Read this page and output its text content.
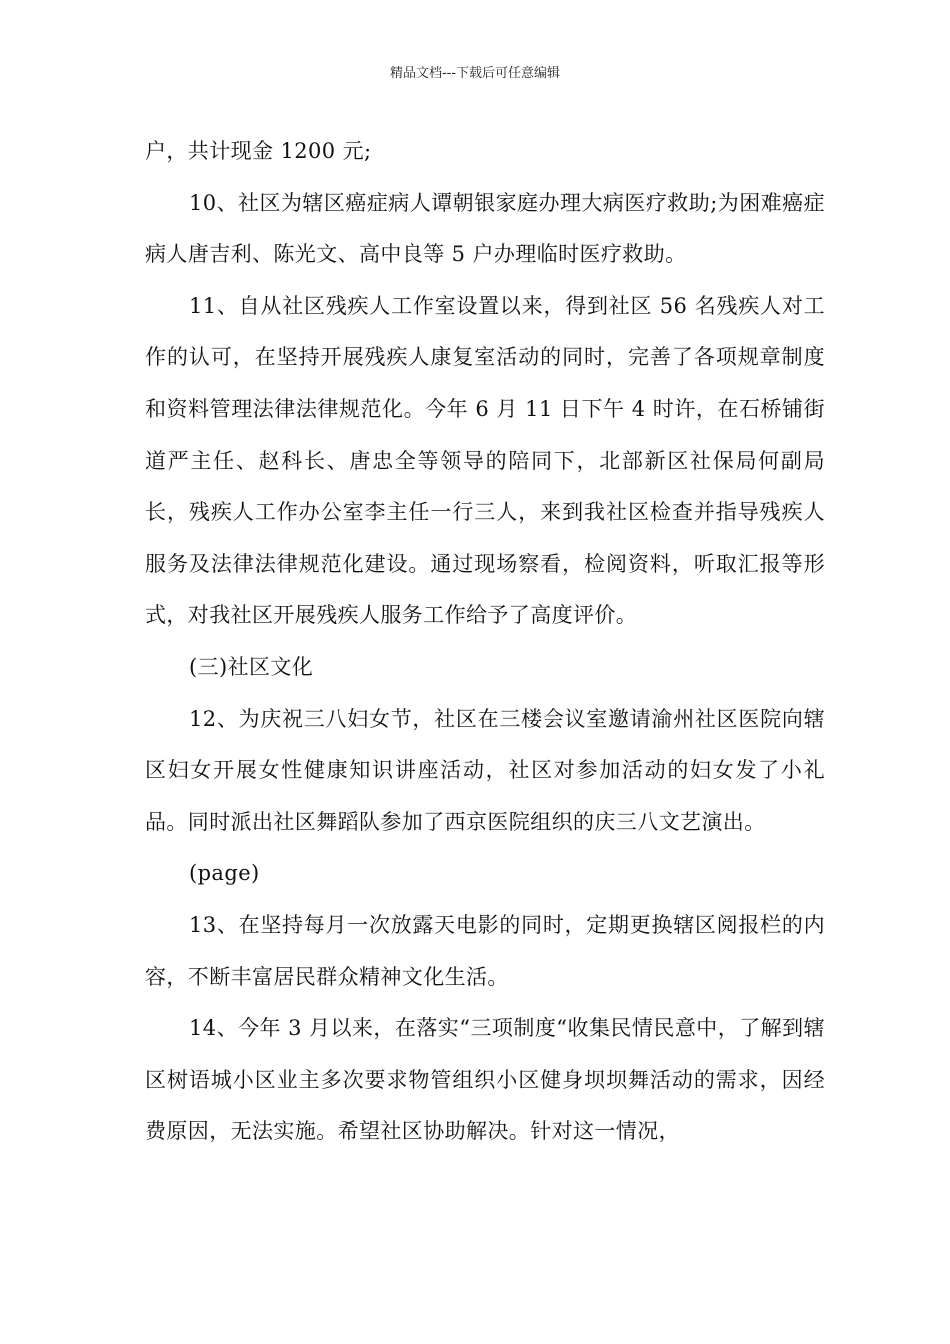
精品文档---下载后可任意编辑

户，共计现金 1200 元;

10、社区为辖区癌症病人谭朝银家庭办理大病医疗救助;为困难癌症病人唐吉利、陈光文、高中良等 5 户办理临时医疗救助。

11、自从社区残疾人工作室设置以来，得到社区 56 名残疾人对工作的认可，在坚持开展残疾人康复室活动的同时，完善了各项规章制度和资料管理法律法律规范化。今年 6 月 11 日下午 4 时许，在石桥铺街道严主任、赵科长、唐忠全等领导的陪同下，北部新区社保局何副局长，残疾人工作办公室李主任一行三人，来到我社区检查并指导残疾人服务及法律法律规范化建设。通过现场察看，检阅资料，听取汇报等形式，对我社区开展残疾人服务工作给予了高度评价。

(三)社区文化

12、为庆祝三八妇女节，社区在三楼会议室邀请渝州社区医院向辖区妇女开展女性健康知识讲座活动，社区对参加活动的妇女发了小礼品。同时派出社区舞蹈队参加了西京医院组织的庆三八文艺演出。

(page)

13、在坚持每月一次放露天电影的同时，定期更换辖区阅报栏的内容，不断丰富居民群众精神文化生活。

14、今年 3 月以来，在落实“三项制度“收集民情民意中，了解到辖区树语城小区业主多次要求物管组织小区健身坝坝舞活动的需求，因经费原因，无法实施。希望社区协助解决。针对这一情况，
